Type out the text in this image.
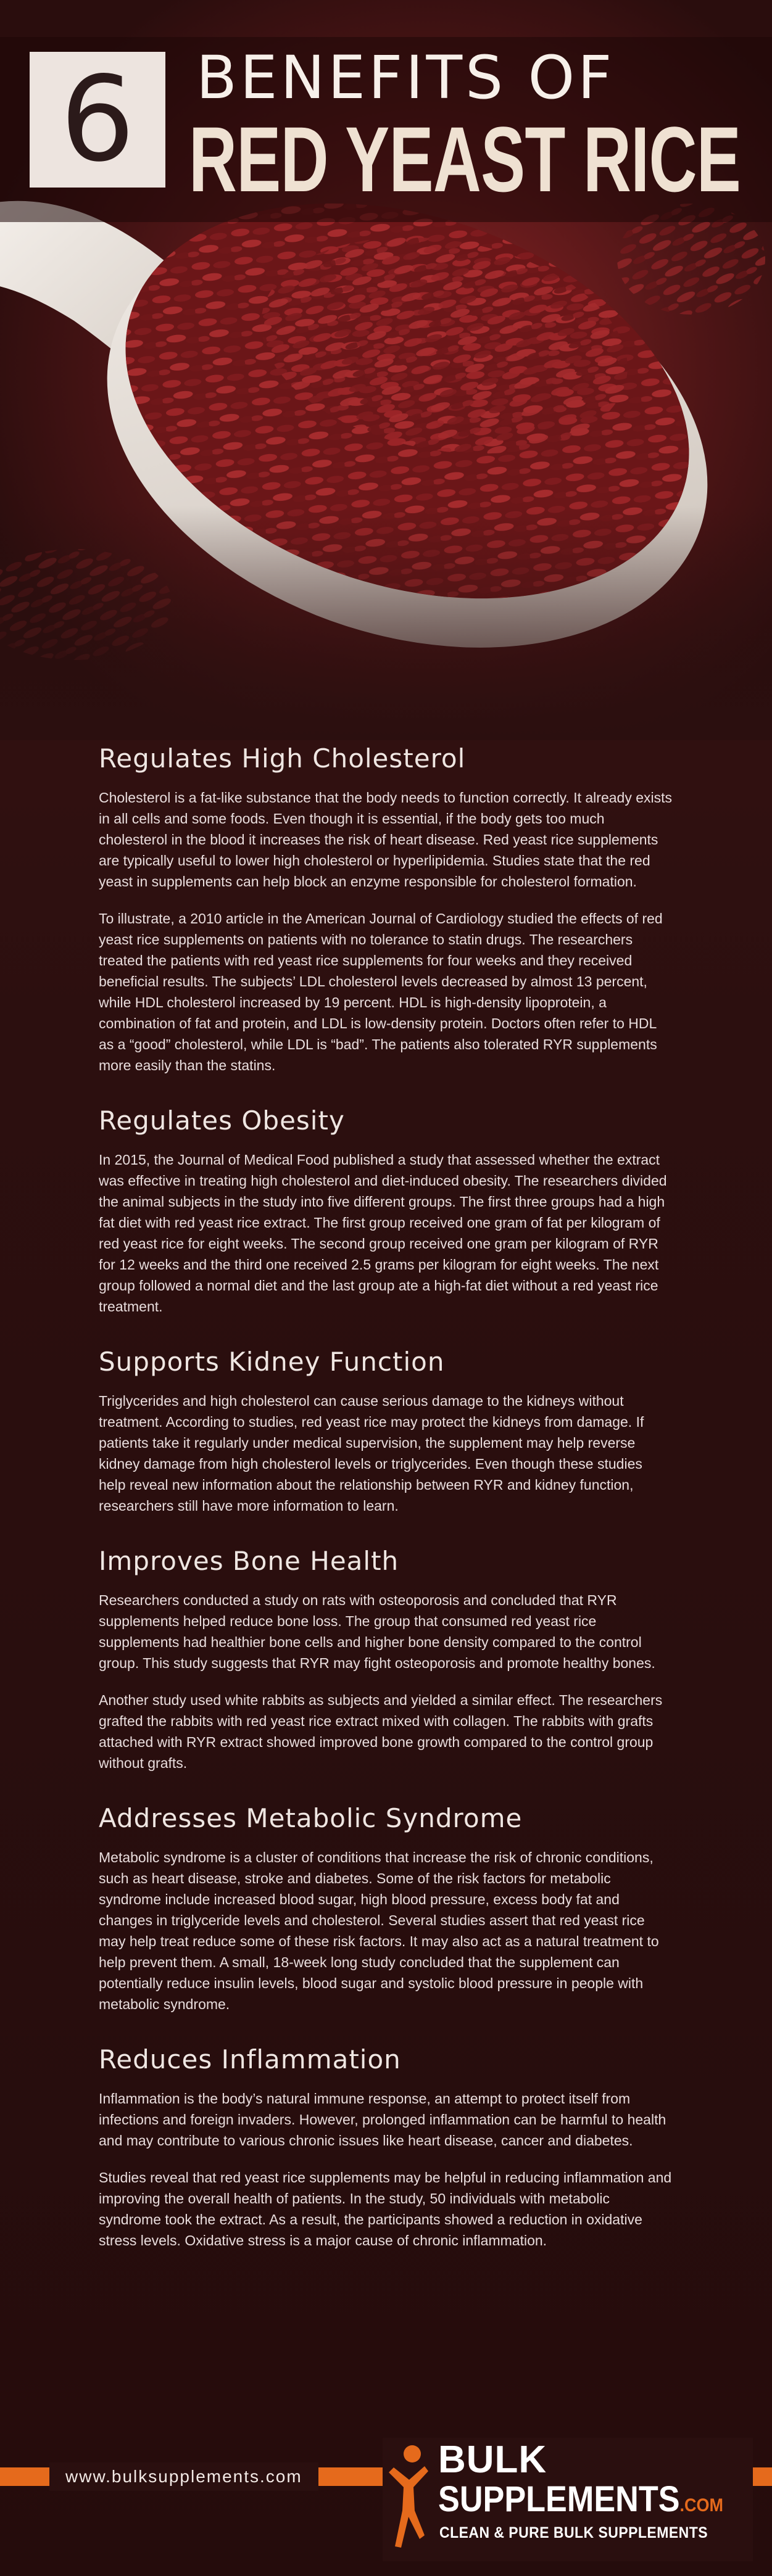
6 BENEFITS OF
RED YEAST RICE
Regulates High Cholesterol

Cholesterol is a fat-like substance that the body needs to function correctly. It already exists in all cells and some foods. Even though it is essential, if the body gets too much cholesterol in the blood it increases the risk of heart disease. Red yeast rice supplements are typically useful to lower high cholesterol or hyperlipidemia. Studies state that the red yeast in supplements can help block an enzyme responsible for cholesterol formation.

To illustrate, a 2010 article in the American Journal of Cardiology studied the effects of red yeast rice supplements on patients with no tolerance to statin drugs. The researchers treated the patients with red yeast rice supplements for four weeks and they received beneficial results. The subjects’ LDL cholesterol levels decreased by almost 13 percent, while HDL cholesterol increased by 19 percent. HDL is high-density lipoprotein, a combination of fat and protein, and LDL is low-density protein. Doctors often refer to HDL as a “good” cholesterol, while LDL is “bad”. The patients also tolerated RYR supplements more easily than the statins.

Regulates Obesity

In 2015, the Journal of Medical Food published a study that assessed whether the extract was effective in treating high cholesterol and diet-induced obesity. The researchers divided the animal subjects in the study into five different groups. The first three groups had a high fat diet with red yeast rice extract. The first group received one gram of fat per kilogram of red yeast rice for eight weeks. The second group received one gram per kilogram of RYR for 12 weeks and the third one received 2.5 grams per kilogram for eight weeks. The next group followed a normal diet and the last group ate a high-fat diet without a red yeast rice treatment.

Supports Kidney Function

Triglycerides and high cholesterol can cause serious damage to the kidneys without treatment. According to studies, red yeast rice may protect the kidneys from damage. If patients take it regularly under medical supervision, the supplement may help reverse kidney damage from high cholesterol levels or triglycerides. Even though these studies help reveal new information about the relationship between RYR and kidney function, researchers still have more information to learn.

Improves Bone Health

Researchers conducted a study on rats with osteoporosis and concluded that RYR supplements helped reduce bone loss. The group that consumed red yeast rice supplements had healthier bone cells and higher bone density compared to the control group. This study suggests that RYR may fight osteoporosis and promote healthy bones.

Another study used white rabbits as subjects and yielded a similar effect. The researchers grafted the rabbits with red yeast rice extract mixed with collagen. The rabbits with grafts attached with RYR extract showed improved bone growth compared to the control group without grafts.

Addresses Metabolic Syndrome

Metabolic syndrome is a cluster of conditions that increase the risk of chronic conditions, such as heart disease, stroke and diabetes. Some of the risk factors for metabolic syndrome include increased blood sugar, high blood pressure, excess body fat and changes in triglyceride levels and cholesterol. Several studies assert that red yeast rice may help treat reduce some of these risk factors. It may also act as a natural treatment to help prevent them. A small, 18-week long study concluded that the supplement can potentially reduce insulin levels, blood sugar and systolic blood pressure in people with metabolic syndrome.

Reduces Inflammation

Inflammation is the body’s natural immune response, an attempt to protect itself from infections and foreign invaders. However, prolonged inflammation can be harmful to health and may contribute to various chronic issues like heart disease, cancer and diabetes.

Studies reveal that red yeast rice supplements may be helpful in reducing inflammation and improving the overall health of patients. In the study, 50 individuals with metabolic syndrome took the extract. As a result, the participants showed a reduction in oxidative stress levels. Oxidative stress is a major cause of chronic inflammation.

www.bulksupplements.com	BULK
SUPPLEMENTS.COM
CLEAN & PURE BULK SUPPLEMENTS
